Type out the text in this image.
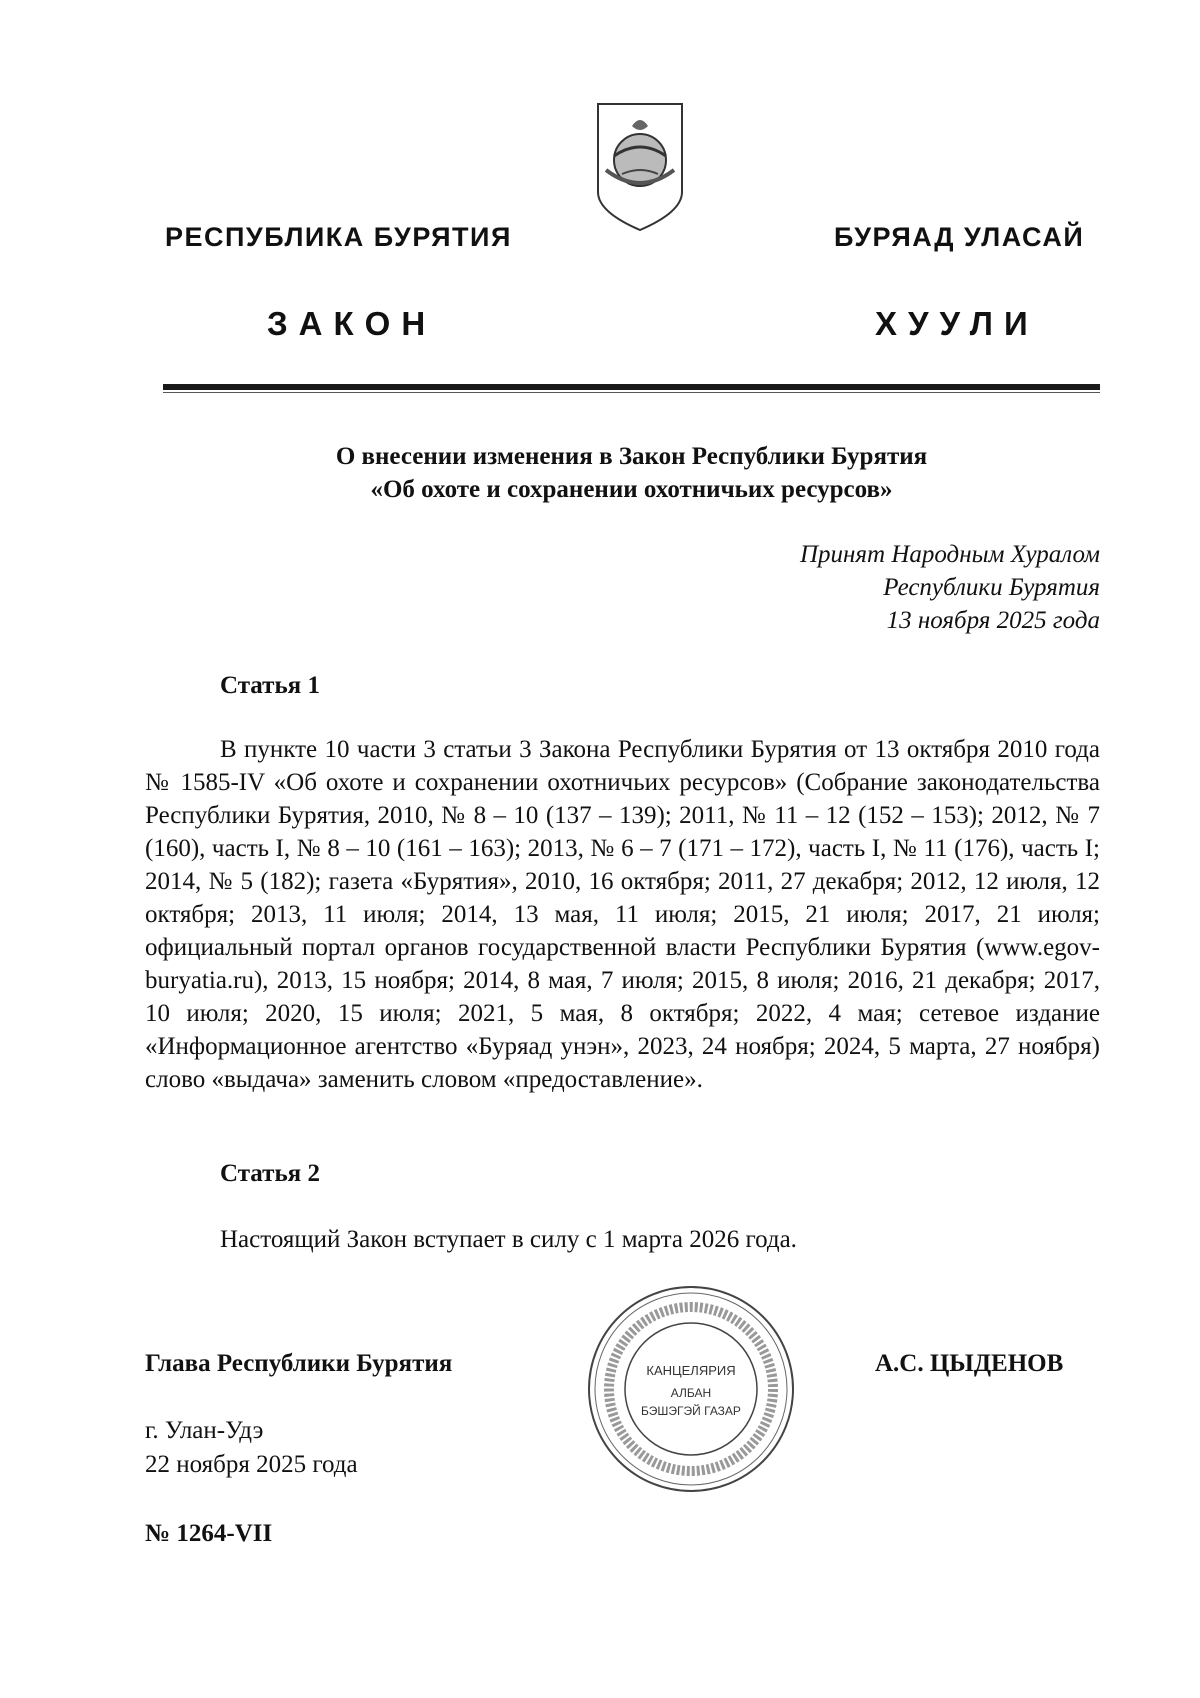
РЕСПУБЛИКА БУРЯТИЯ	БУРЯАД УЛАСАЙ
ЗАКОН	ХУУЛИ
О внесении изменения в Закон Республики Бурятия
«Об охоте и сохранении охотничьих ресурсов»
Принят Народным Хуралом
Республики Бурятия
13 ноября 2025 года
Статья 1
В пункте 10 части 3 статьи 3 Закона Республики Бурятия от 13 октября 2010 года № 1585-IV «Об охоте и сохранении охотничьих ресурсов» (Собрание законодательства Республики Бурятия, 2010, № 8 – 10 (137 – 139); 2011, № 11 – 12 (152 – 153); 2012, № 7 (160), часть I, № 8 – 10 (161 – 163); 2013, № 6 – 7 (171 – 172), часть I, № 11 (176), часть I; 2014, № 5 (182); газета «Бурятия», 2010, 16 октября; 2011, 27 декабря; 2012, 12 июля, 12 октября; 2013, 11 июля; 2014, 13 мая, 11 июля; 2015, 21 июля; 2017, 21 июля; официальный портал органов государственной власти Республики Бурятия (www.egov-buryatia.ru), 2013, 15 ноября; 2014, 8 мая, 7 июля; 2015, 8 июля; 2016, 21 декабря; 2017, 10 июля; 2020, 15 июля; 2021, 5 мая, 8 октября; 2022, 4 мая; сетевое издание «Информационное агентство «Буряад унэн», 2023, 24 ноября; 2024, 5 марта, 27 ноября) слово «выдача» заменить словом «предоставление».
Статья 2
Настоящий Закон вступает в силу с 1 марта 2026 года.
Глава Республики Бурятия	А.С. ЦЫДЕНОВ
КАНЦЕЛЯРИЯ
АЛБАН
БЭШЭГЭЙ ГАЗАР
г. Улан-Удэ
22 ноября 2025 года
№ 1264-VII
